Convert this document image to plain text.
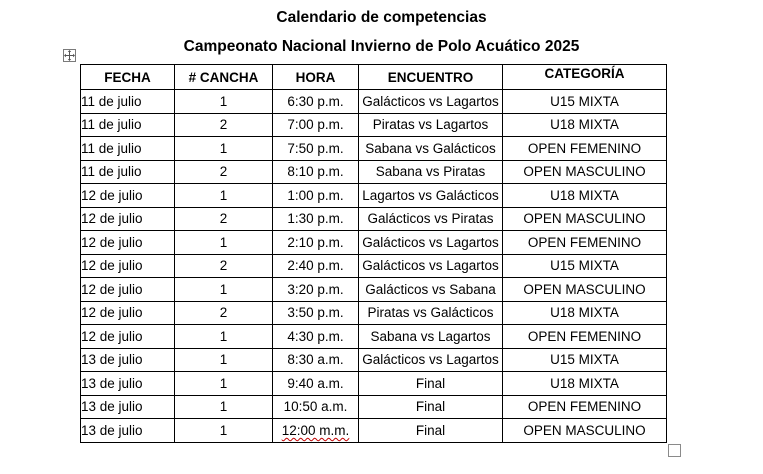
Calendario de competencias
Campeonato Nacional Invierno de Polo Acuático 2025
FECHA	# CANCHA	HORA	ENCUENTRO	CATEGORÍA
11 de julio	1	6:30 p.m.	Galácticos vs Lagartos	U15 MIXTA
11 de julio	2	7:00 p.m.	Piratas vs Lagartos	U18 MIXTA
11 de julio	1	7:50 p.m.	Sabana vs Galácticos	OPEN FEMENINO
11 de julio	2	8:10 p.m.	Sabana vs Piratas	OPEN MASCULINO
12 de julio	1	1:00 p.m.	Lagartos vs Galácticos	U18 MIXTA
12 de julio	2	1:30 p.m.	Galácticos vs Piratas	OPEN MASCULINO
12 de julio	1	2:10 p.m.	Galácticos vs Lagartos	OPEN FEMENINO
12 de julio	2	2:40 p.m.	Galácticos vs Lagartos	U15 MIXTA
12 de julio	1	3:20 p.m.	Galácticos vs Sabana	OPEN MASCULINO
12 de julio	2	3:50 p.m.	Piratas vs Galácticos	U18 MIXTA
12 de julio	1	4:30 p.m.	Sabana vs Lagartos	OPEN FEMENINO
13 de julio	1	8:30 a.m.	Galácticos vs Lagartos	U15 MIXTA
13 de julio	1	9:40 a.m.	Final	U18 MIXTA
13 de julio	1	10:50 a.m.	Final	OPEN FEMENINO
13 de julio	1	12:00 m.m.	Final	OPEN MASCULINO
